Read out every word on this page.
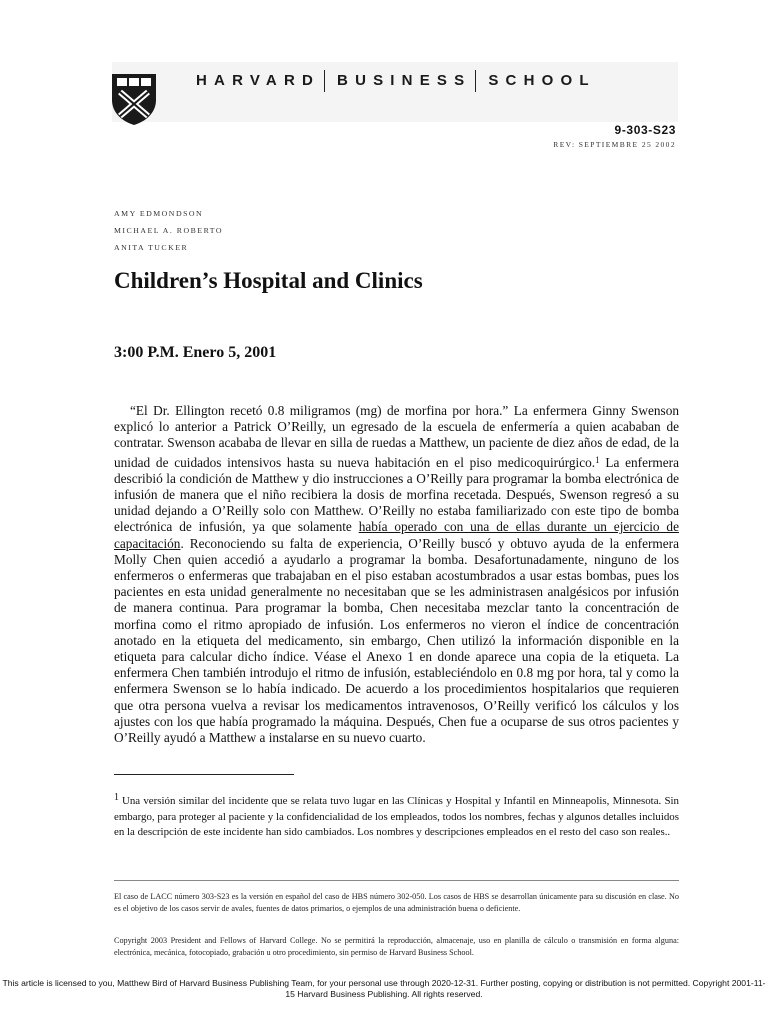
HARVARD BUSINESS SCHOOL
9-303-S23
REV: SEPTIEMBRE 25 2002
AMY EDMONDSON
MICHAEL A. ROBERTO
ANITA TUCKER
Children’s Hospital and Clinics
3:00 P.M. Enero 5, 2001

“El Dr. Ellington recetó 0.8 miligramos (mg) de morfina por hora.” La enfermera Ginny Swenson explicó lo anterior a Patrick O’Reilly, un egresado de la escuela de enfermería a quien acababan de contratar. Swenson acababa de llevar en silla de ruedas a Matthew, un paciente de diez años de edad, de la unidad de cuidados intensivos hasta su nueva habitación en el piso medicoquirúrgico.$^1$ La enfermera describió la condición de Matthew y dio instrucciones a O’Reilly para programar la bomba electrónica de infusión de manera que el niño recibiera la dosis de morfina recetada. Después, Swenson regresó a su unidad dejando a O’Reilly solo con Matthew. O’Reilly no estaba familiarizado con este tipo de bomba electrónica de infusión, ya que solamente había operado con una de ellas durante un ejercicio de capacitación. Reconociendo su falta de experiencia, O’Reilly buscó y obtuvo ayuda de la enfermera Molly Chen quien accedió a ayudarlo a programar la bomba. Desafortunadamente, ninguno de los enfermeros o enfermeras que trabajaban en el piso estaban acostumbrados a usar estas bombas, pues los pacientes en esta unidad generalmente no necesitaban que se les administrasen analgésicos por infusión de manera continua. Para programar la bomba, Chen necesitaba mezclar tanto la concentración de morfina como el ritmo apropiado de infusión. Los enfermeros no vieron el índice de concentración anotado en la etiqueta del medicamento, sin embargo, Chen utilizó la información disponible en la etiqueta para calcular dicho índice. Véase el Anexo 1 en donde aparece una copia de la etiqueta. La enfermera Chen también introdujo el ritmo de infusión, estableciéndolo en 0.8 mg por hora, tal y como la enfermera Swenson se lo había indicado. De acuerdo a los procedimientos hospitalarios que requieren que otra persona vuelva a revisar los medicamentos intravenosos, O’Reilly verificó los cálculos y los ajustes con los que había programado la máquina. Después, Chen fue a ocuparse de sus otros pacientes y O’Reilly ayudó a Matthew a instalarse en su nuevo cuarto.

$^1$ Una versión similar del incidente que se relata tuvo lugar en las Clínicas y Hospital y Infantil en Minneapolis, Minnesota. Sin embargo, para proteger al paciente y la confidencialidad de los empleados, todos los nombres, fechas y algunos detalles incluidos en la descripción de este incidente han sido cambiados. Los nombres y descripciones empleados en el resto del caso son reales..

El caso de LACC número 303-S23 es la versión en español del caso de HBS número 302-050. Los casos de HBS se desarrollan únicamente para su discusión en clase. No es el objetivo de los casos servir de avales, fuentes de datos primarios, o ejemplos de una administración buena o deficiente.

Copyright 2003 President and Fellows of Harvard College. No se permitirá la reproducción, almacenaje, uso en planilla de cálculo o transmisión en forma alguna: electrónica, mecánica, fotocopiado, grabación u otro procedimiento, sin permiso de Harvard Business School.

This article is licensed to you, Matthew Bird of Harvard Business Publishing Team, for your personal use through 2020-12-31. Further posting, copying or distribution is not permitted. Copyright 2001-11-15 Harvard Business Publishing. All rights reserved.
